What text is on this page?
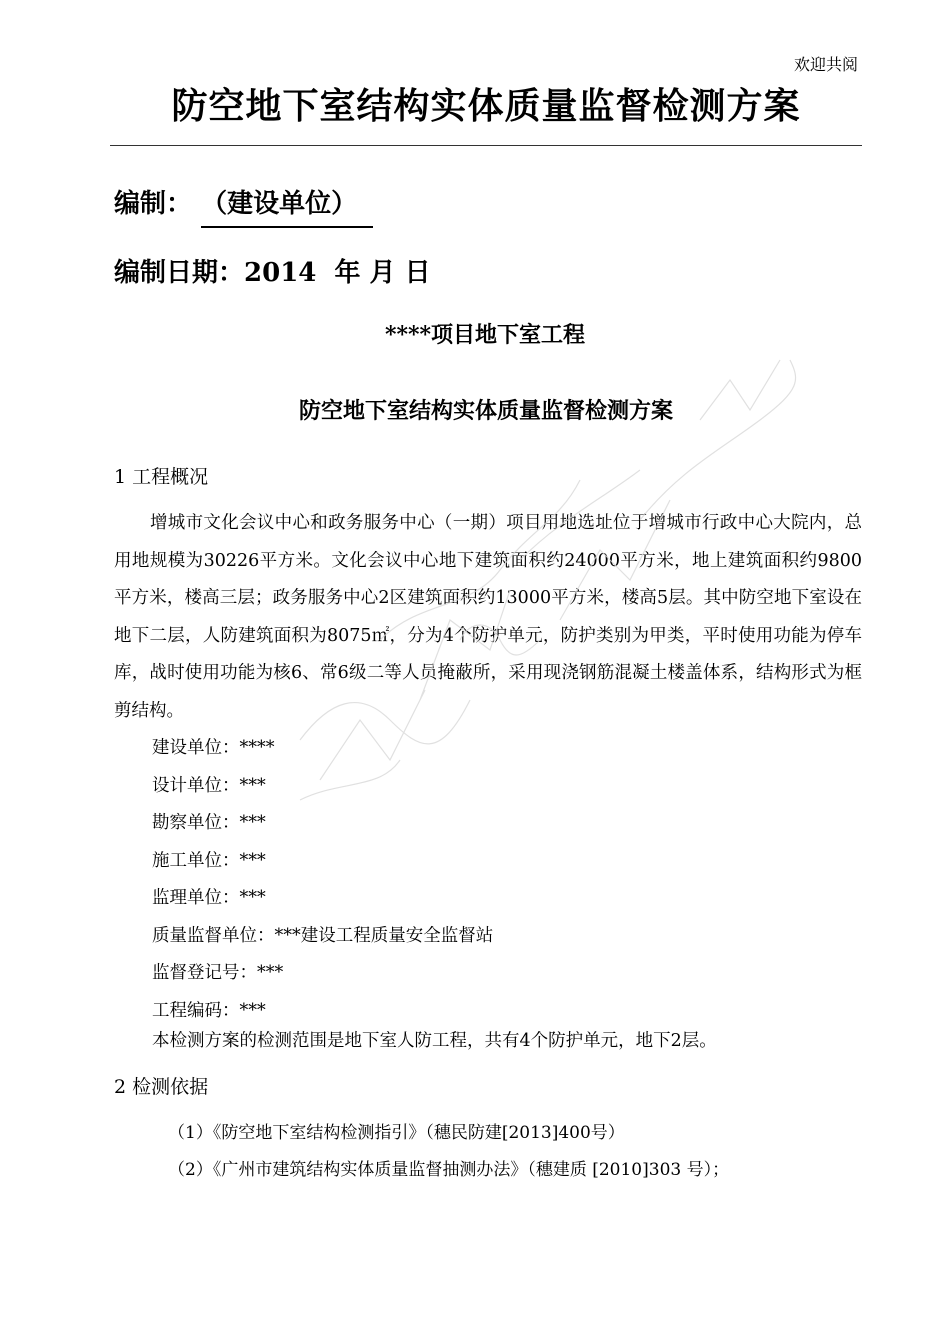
欢迎共阅
防空地下室结构实体质量监督检测方案
编制： （建设单位）
编制日期：2014 年 月 日
****项目地下室工程
防空地下室结构实体质量监督检测方案
1 工程概况
增城市文化会议中心和政务服务中心（一期）项目用地选址位于增城市行政中心大院内，总用地规模为30226平方米。文化会议中心地下建筑面积约24000平方米，地上建筑面积约9800平方米，楼高三层；政务服务中心2区建筑面积约13000平方米，楼高5层。其中防空地下室设在地下二层，人防建筑面积为8075㎡，分为4个防护单元，防护类别为甲类，平时使用功能为停车库，战时使用功能为核6、常6级二等人员掩蔽所，采用现浇钢筋混凝土楼盖体系，结构形式为框剪结构。
建设单位：****
设计单位：***
勘察单位：***
施工单位：***
监理单位：***
质量监督单位：***建设工程质量安全监督站
监督登记号：***
工程编码：***
本检测方案的检测范围是地下室人防工程，共有4个防护单元，地下2层。
2 检测依据
（1）《防空地下室结构检测指引》（穗民防建[2013]400号）
（2）《广州市建筑结构实体质量监督抽测办法》（穗建质 [2010]303 号）；
